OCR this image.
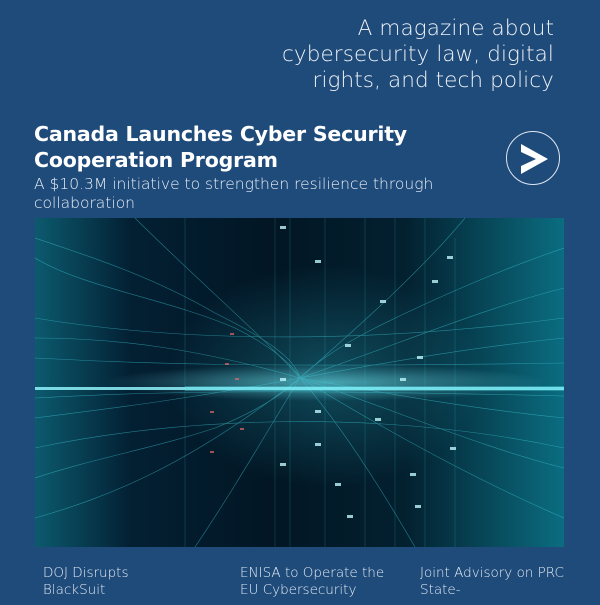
A magazine about cybersecurity law, digital rights, and tech policy
Canada Launches Cyber Security Cooperation Program
A $10.3M initiative to strengthen resilience through collaboration
DOJ Disrupts BlackSuit
ENISA to Operate the EU Cybersecurity
Joint Advisory on PRC State-
